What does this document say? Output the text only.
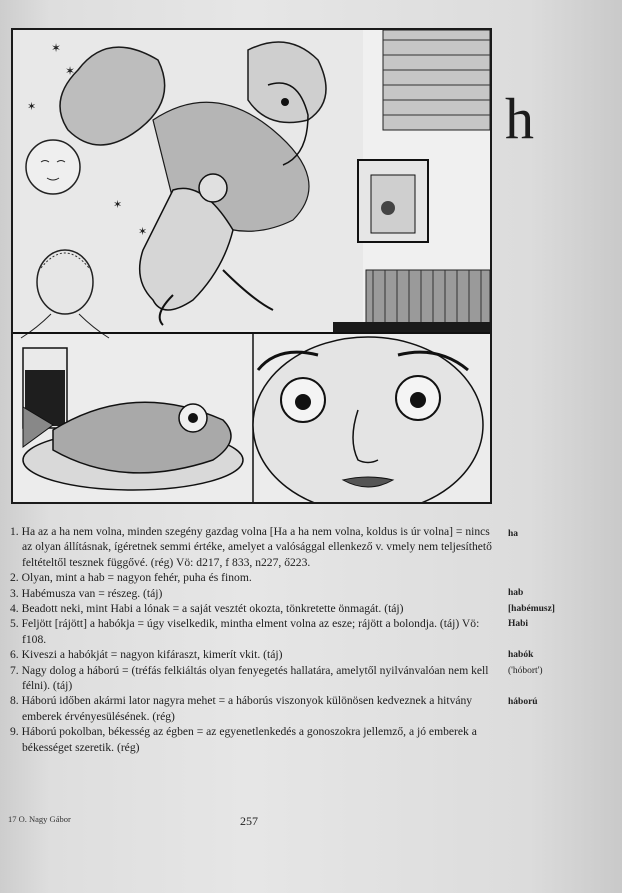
✶
✶
✶
✶
✶
h

1. Ha az a ha nem volna, minden szegény gazdag volna [Ha a ha nem volna, koldus is úr volna] = nincs az olyan állításnak, ígéretnek semmi értéke, amelyet a valósággal ellenkező v. vmely nem teljesíthető feltételtől tesznek függővé. (rég) Vö: d217, f 833, n227, ő223.

2. Olyan, mint a hab = nagyon fehér, puha és finom.

3. Habémusza van = részeg. (táj)

4. Beadott neki, mint Habi a lónak = a saját vesztét okozta, tönkretette önmagát. (táj)

5. Feljött [rájött] a habókja = úgy viselkedik, mintha elment volna az esze; rájött a bolondja. (táj) Vö: f108.

6. Kiveszi a habókját = nagyon kifáraszt, kimerít vkit. (táj)

7. Nagy dolog a háború = (tréfás felkiáltás olyan fenyegetés hallatára, amelytől nyilvánvalóan nem kell félni). (táj)

8. Háború időben akármi lator nagyra mehet = a háborús viszonyok különösen kedveznek a hitvány emberek érvényesülésének. (rég)

9. Háború pokolban, békesség az égben = az egyenetlenkedés a gonoszokra jellemző, a jó emberek a békességet szeretik. (rég)

ha
hab
[habémusz]
Habi
habók
('hóbort')
háború
17 O. Nagy Gábor	257
